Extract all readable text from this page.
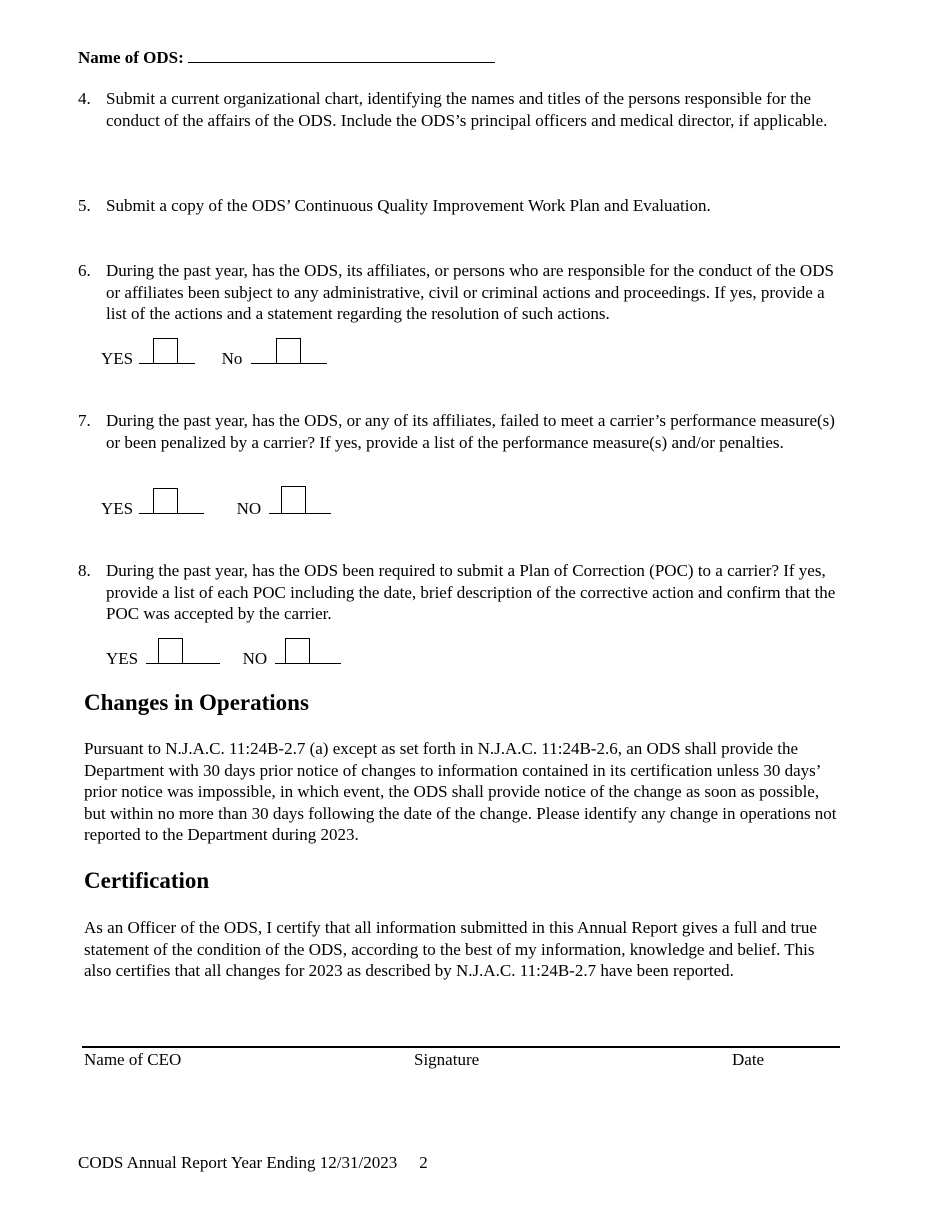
Name of ODS:
4. Submit a current organizational chart, identifying the names and titles of the persons responsible for the conduct of the affairs of the ODS. Include the ODS’s principal officers and medical director, if applicable.
5. Submit a copy of the ODS’ Continuous Quality Improvement Work Plan and Evaluation.
6. During the past year, has the ODS, its affiliates, or persons who are responsible for the conduct of the ODS or affiliates been subject to any administrative, civil or criminal actions and proceedings. If yes, provide a list of the actions and a statement regarding the resolution of such actions.
YES	No
7. During the past year, has the ODS, or any of its affiliates, failed to meet a carrier’s performance measure(s) or been penalized by a carrier? If yes, provide a list of the performance measure(s) and/or penalties.
YES	NO
8. During the past year, has the ODS been required to submit a Plan of Correction (POC) to a carrier? If yes, provide a list of each POC including the date, brief description of the corrective action and confirm that the POC was accepted by the carrier.
YES	NO
Changes in Operations
Pursuant to N.J.A.C. 11:24B-2.7 (a) except as set forth in N.J.A.C. 11:24B-2.6, an ODS shall provide the Department with 30 days prior notice of changes to information contained in its certification unless 30 days’ prior notice was impossible, in which event, the ODS shall provide notice of the change as soon as possible, but within no more than 30 days following the date of the change. Please identify any change in operations not reported to the Department during 2023.
Certification
As an Officer of the ODS, I certify that all information submitted in this Annual Report gives a full and true statement of the condition of the ODS, according to the best of my information, knowledge and belief. This also certifies that all changes for 2023 as described by N.J.A.C. 11:24B-2.7 have been reported.
Name of CEO	Signature	Date
CODS Annual Report Year Ending 12/31/2023 2
